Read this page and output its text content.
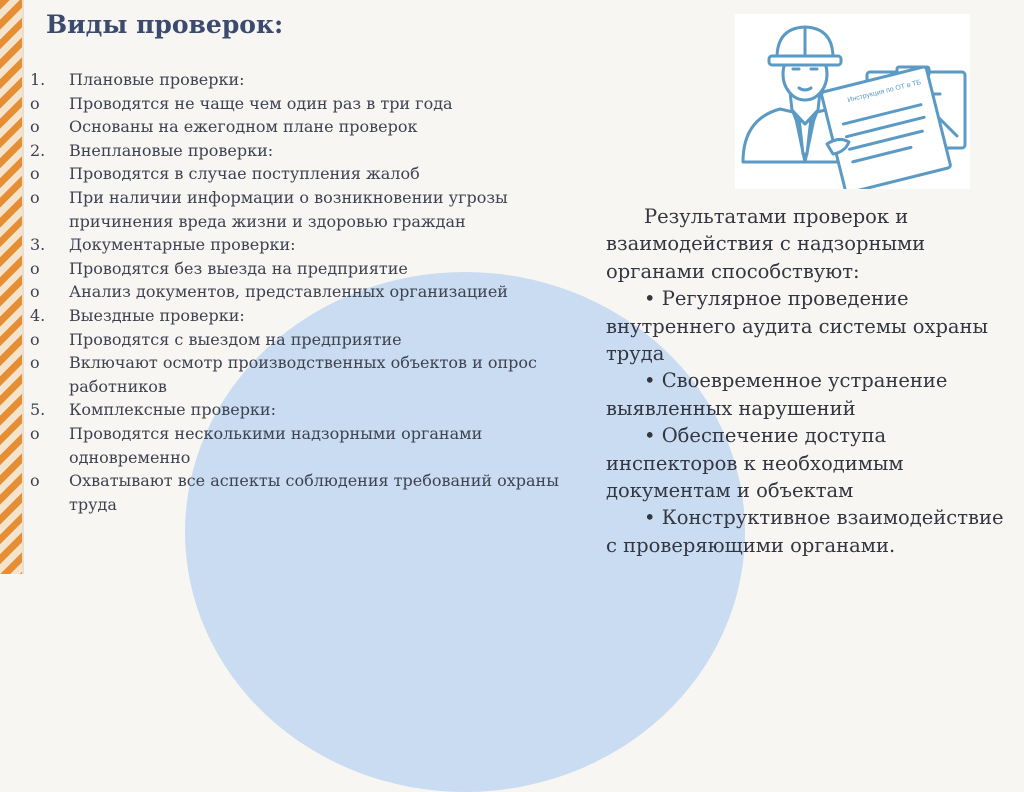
Виды проверок:
1.	Плановые проверки:
o	Проводятся не чаще чем один раз в три года
o	Основаны на ежегодном плане проверок
2.	Внеплановые проверки:
o	Проводятся в случае поступления жалоб
o	При наличии информации о возникновении угрозы причинения вреда жизни и здоровью граждан
3.	Документарные проверки:
o	Проводятся без выезда на предприятие
o	Анализ документов, представленных организацией
4.	Выездные проверки:
o	Проводятся с выездом на предприятие
o	Включают осмотр производственных объектов и опрос работников
5.	Комплексные проверки:
o	Проводятся несколькими надзорными органами одновременно
o	Охватывают все аспекты соблюдения требований охраны труда
Инструкция по ОТ в ТБ

Результатами проверок и взаимодействия с надзорными органами способствуют:

• Регулярное проведение внутреннего аудита системы охраны труда

• Своевременное устранение выявленных нарушений

• Обеспечение доступа инспекторов к необходимым документам и объектам

• Конструктивное взаимодействие с проверяющими органами.
